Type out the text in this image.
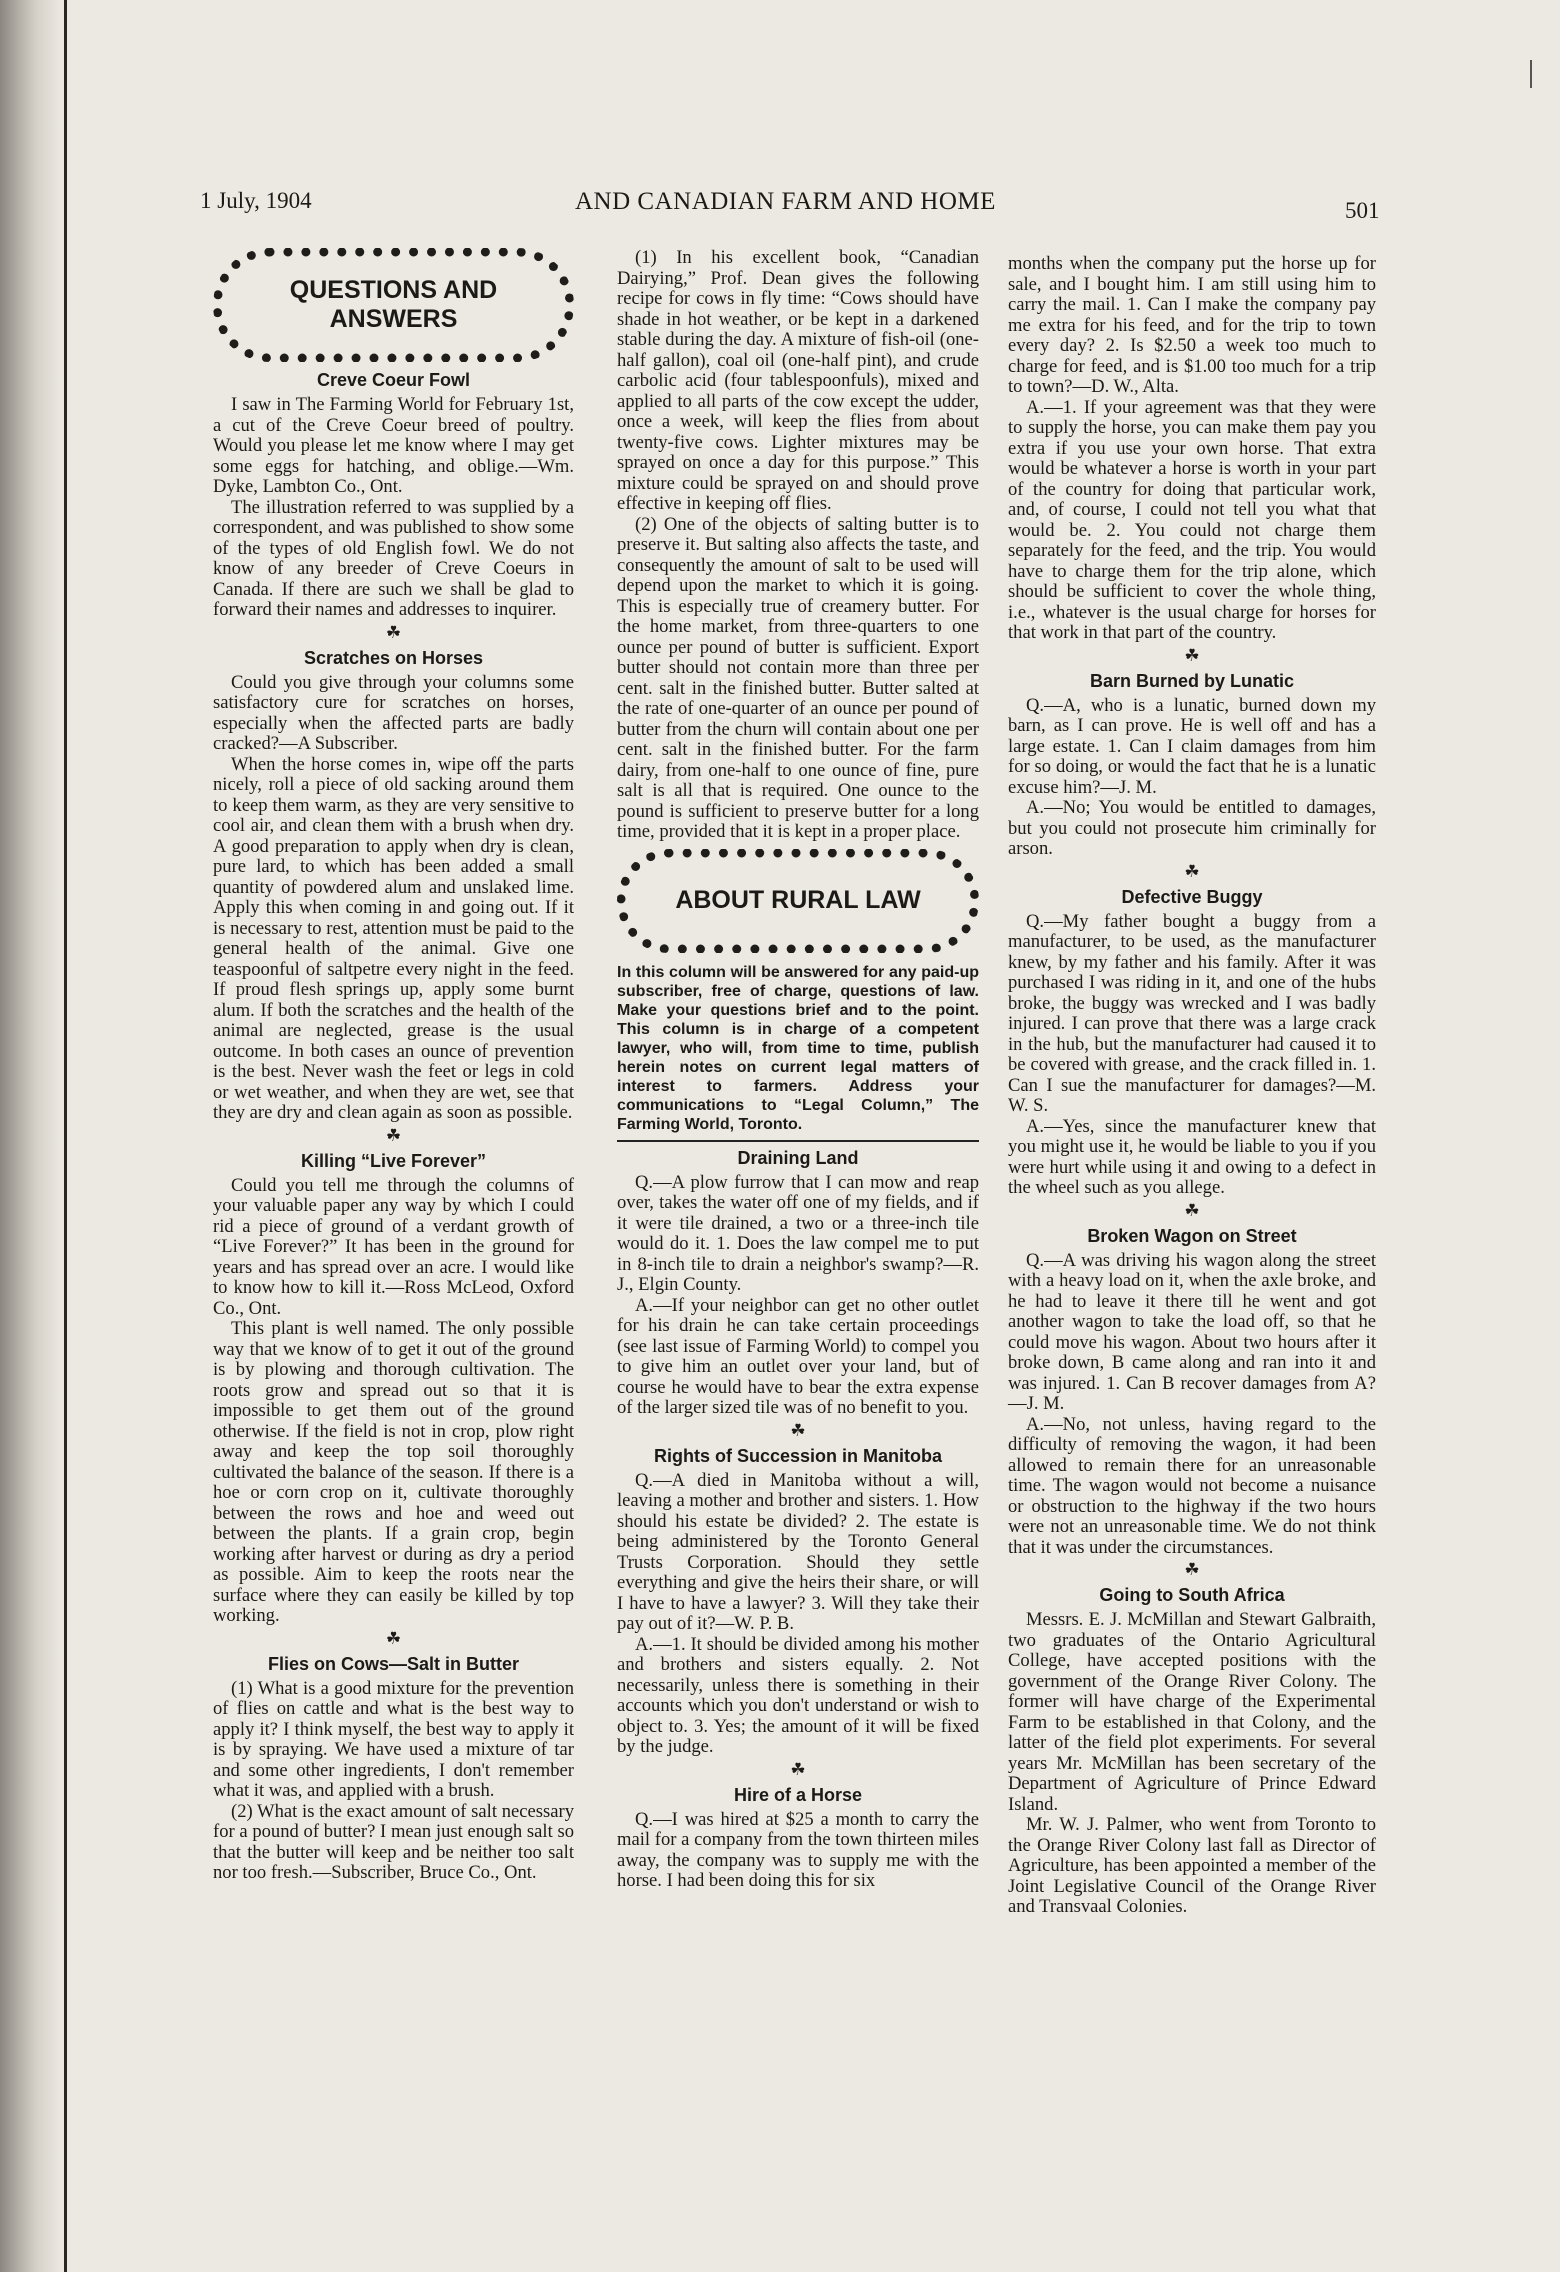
1 July, 1904	AND CANADIAN FARM AND HOME	501
QUESTIONS AND
ANSWERS
Creve Coeur Fowl

I saw in The Farming World for February 1st, a cut of the Creve Coeur breed of poultry. Would you please let me know where I may get some eggs for hatching, and oblige.—Wm. Dyke, Lambton Co., Ont.

The illustration referred to was supplied by a correspondent, and was published to show some of the types of old English fowl. We do not know of any breeder of Creve Coeurs in Canada. If there are such we shall be glad to forward their names and addresses to inquirer.

☘
Scratches on Horses

Could you give through your columns some satisfactory cure for scratches on horses, especially when the affected parts are badly cracked?—A Subscriber.

When the horse comes in, wipe off the parts nicely, roll a piece of old sacking around them to keep them warm, as they are very sensitive to cool air, and clean them with a brush when dry. A good preparation to apply when dry is clean, pure lard, to which has been added a small quantity of powdered alum and unslaked lime. Apply this when coming in and going out. If it is necessary to rest, attention must be paid to the general health of the animal. Give one teaspoonful of saltpetre every night in the feed. If proud flesh springs up, apply some burnt alum. If both the scratches and the health of the animal are neglected, grease is the usual outcome. In both cases an ounce of prevention is the best. Never wash the feet or legs in cold or wet weather, and when they are wet, see that they are dry and clean again as soon as possible.

☘
Killing “Live Forever”

Could you tell me through the columns of your valuable paper any way by which I could rid a piece of ground of a verdant growth of “Live Forever?” It has been in the ground for years and has spread over an acre. I would like to know how to kill it.—Ross McLeod, Oxford Co., Ont.

This plant is well named. The only possible way that we know of to get it out of the ground is by plowing and thorough cultivation. The roots grow and spread out so that it is impossible to get them out of the ground otherwise. If the field is not in crop, plow right away and keep the top soil thoroughly cultivated the balance of the season. If there is a hoe or corn crop on it, cultivate thoroughly between the rows and hoe and weed out between the plants. If a grain crop, begin working after harvest or during as dry a period as possible. Aim to keep the roots near the surface where they can easily be killed by top working.

☘
Flies on Cows—Salt in Butter

(1) What is a good mixture for the prevention of flies on cattle and what is the best way to apply it? I think myself, the best way to apply it is by spraying. We have used a mixture of tar and some other ingredients, I don't remember what it was, and applied with a brush.

(2) What is the exact amount of salt necessary for a pound of butter? I mean just enough salt so that the butter will keep and be neither too salt nor too fresh.—Subscriber, Bruce Co., Ont.

(1) In his excellent book, “Canadian Dairying,” Prof. Dean gives the following recipe for cows in fly time: “Cows should have shade in hot weather, or be kept in a darkened stable during the day. A mixture of fish-oil (one-half gallon), coal oil (one-half pint), and crude carbolic acid (four tablespoonfuls), mixed and applied to all parts of the cow except the udder, once a week, will keep the flies from about twenty-five cows. Lighter mixtures may be sprayed on once a day for this purpose.” This mixture could be sprayed on and should prove effective in keeping off flies.

(2) One of the objects of salting butter is to preserve it. But salting also affects the taste, and consequently the amount of salt to be used will depend upon the market to which it is going. This is especially true of creamery butter. For the home market, from three-quarters to one ounce per pound of butter is sufficient. Export butter should not contain more than three per cent. salt in the finished butter. Butter salted at the rate of one-quarter of an ounce per pound of butter from the churn will contain about one per cent. salt in the finished butter. For the farm dairy, from one-half to one ounce of fine, pure salt is all that is required. One ounce to the pound is sufficient to preserve butter for a long time, provided that it is kept in a proper place.

ABOUT RURAL LAW
In this column will be answered for any paid-up subscriber, free of charge, questions of law. Make your questions brief and to the point. This column is in charge of a competent lawyer, who will, from time to time, publish herein notes on current legal matters of interest to farmers. Address your communications to “Legal Column,” The Farming World, Toronto.
Draining Land

Q.—A plow furrow that I can mow and reap over, takes the water off one of my fields, and if it were tile drained, a two or a three-inch tile would do it. 1. Does the law compel me to put in 8-inch tile to drain a neighbor's swamp?—R. J., Elgin County.

A.—If your neighbor can get no other outlet for his drain he can take certain proceedings (see last issue of Farming World) to compel you to give him an outlet over your land, but of course he would have to bear the extra expense of the larger sized tile was of no benefit to you.

☘
Rights of Succession in Manitoba

Q.—A died in Manitoba without a will, leaving a mother and brother and sisters. 1. How should his estate be divided? 2. The estate is being administered by the Toronto General Trusts Corporation. Should they settle everything and give the heirs their share, or will I have to have a lawyer? 3. Will they take their pay out of it?—W. P. B.

A.—1. It should be divided among his mother and brothers and sisters equally. 2. Not necessarily, unless there is something in their accounts which you don't understand or wish to object to. 3. Yes; the amount of it will be fixed by the judge.

☘
Hire of a Horse

Q.—I was hired at $25 a month to carry the mail for a company from the town thirteen miles away, the company was to supply me with the horse. I had been doing this for six

months when the company put the horse up for sale, and I bought him. I am still using him to carry the mail. 1. Can I make the company pay me extra for his feed, and for the trip to town every day? 2. Is $2.50 a week too much to charge for feed, and is $1.00 too much for a trip to town?—D. W., Alta.

A.—1. If your agreement was that they were to supply the horse, you can make them pay you extra if you use your own horse. That extra would be whatever a horse is worth in your part of the country for doing that particular work, and, of course, I could not tell you what that would be. 2. You could not charge them separately for the feed, and the trip. You would have to charge them for the trip alone, which should be sufficient to cover the whole thing, i.e., whatever is the usual charge for horses for that work in that part of the country.

☘
Barn Burned by Lunatic

Q.—A, who is a lunatic, burned down my barn, as I can prove. He is well off and has a large estate. 1. Can I claim damages from him for so doing, or would the fact that he is a lunatic excuse him?—J. M.

A.—No; You would be entitled to damages, but you could not prosecute him criminally for arson.

☘
Defective Buggy

Q.—My father bought a buggy from a manufacturer, to be used, as the manufacturer knew, by my father and his family. After it was purchased I was riding in it, and one of the hubs broke, the buggy was wrecked and I was badly injured. I can prove that there was a large crack in the hub, but the manufacturer had caused it to be covered with grease, and the crack filled in. 1. Can I sue the manufacturer for damages?—M. W. S.

A.—Yes, since the manufacturer knew that you might use it, he would be liable to you if you were hurt while using it and owing to a defect in the wheel such as you allege.

☘
Broken Wagon on Street

Q.—A was driving his wagon along the street with a heavy load on it, when the axle broke, and he had to leave it there till he went and got another wagon to take the load off, so that he could move his wagon. About two hours after it broke down, B came along and ran into it and was injured. 1. Can B recover damages from A?—J. M.

A.—No, not unless, having regard to the difficulty of removing the wagon, it had been allowed to remain there for an unreasonable time. The wagon would not become a nuisance or obstruction to the highway if the two hours were not an unreasonable time. We do not think that it was under the circumstances.

☘
Going to South Africa

Messrs. E. J. McMillan and Stewart Galbraith, two graduates of the Ontario Agricultural College, have accepted positions with the government of the Orange River Colony. The former will have charge of the Experimental Farm to be established in that Colony, and the latter of the field plot experiments. For several years Mr. McMillan has been secretary of the Department of Agriculture of Prince Edward Island.

Mr. W. J. Palmer, who went from Toronto to the Orange River Colony last fall as Director of Agriculture, has been appointed a member of the Joint Legislative Council of the Orange River and Transvaal Colonies.
